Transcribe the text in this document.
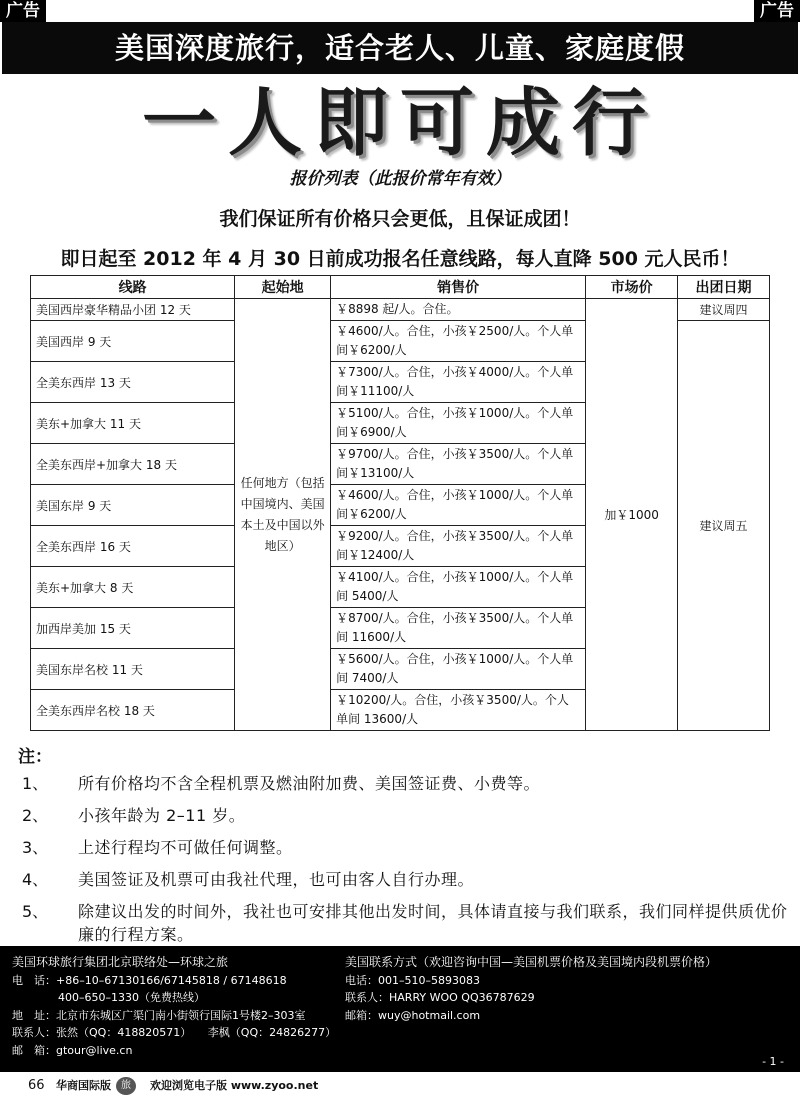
广告	广告
美国深度旅行，适合老人、儿童、家庭度假
一人即可成行
报价列表（此报价常年有效）
我们保证所有价格只会更低，且保证成团！
即日起至 2012 年 4 月 30 日前成功报名任意线路，每人直降 500 元人民币！
线路	起始地	销售价	市场价	出团日期
美国西岸豪华精品小团 12 天	任何地方（包括中国境内、美国本土及中国以外地区）	￥8898 起/人。合住。	加￥1000	建议周四
美国西岸 9 天		￥4600/人。合住，小孩￥2500/人。个人单间￥6200/人		建议周五
全美东西岸 13 天		￥7300/人。合住，小孩￥4000/人。个人单间￥11100/人		
美东+加拿大 11 天		￥5100/人。合住，小孩￥1000/人。个人单间￥6900/人		
全美东西岸+加拿大 18 天		￥9700/人。合住，小孩￥3500/人。个人单间￥13100/人		
美国东岸 9 天		￥4600/人。合住，小孩￥1000/人。个人单间￥6200/人		
全美东西岸 16 天		￥9200/人。合住，小孩￥3500/人。个人单间￥12400/人		
美东+加拿大 8 天		￥4100/人。合住，小孩￥1000/人。个人单间 5400/人		
加西岸美加 15 天		￥8700/人。合住，小孩￥3500/人。个人单间 11600/人		
美国东岸名校 11 天		￥5600/人。合住，小孩￥1000/人。个人单间 7400/人		
全美东西岸名校 18 天		￥10200/人。合住，小孩￥3500/人。个人单间 13600/人		
注：
1、	所有价格均不含全程机票及燃油附加费、美国签证费、小费等。
2、	小孩年龄为 2–11 岁。
3、	上述行程均不可做任何调整。
4、	美国签证及机票可由我社代理，也可由客人自行办理。
5、	除建议出发的时间外，我社也可安排其他出发时间，具体请直接与我们联系，我们同样提供质优价廉的行程方案。
美国环球旅行集团北京联络处—环球之旅
电　话：+86–10–67130166/67145818 / 67148618
400–650–1330（免费热线）
地　址：北京市东城区广渠门南小街领行国际1号楼2–303室
联系人：张然（QQ：418820571）　　李枫（QQ：24826277）
邮　箱：gtour@live.cn
美国联系方式（欢迎咨询中国—美国机票价格及美国境内段机票价格）
电话：001–510–5893083
联系人：HARRY WOO QQ36787629
邮箱：wuy@hotmail.com
- 1 -
66 华商国际版	旅	欢迎浏览电子版 www.zyoo.net
